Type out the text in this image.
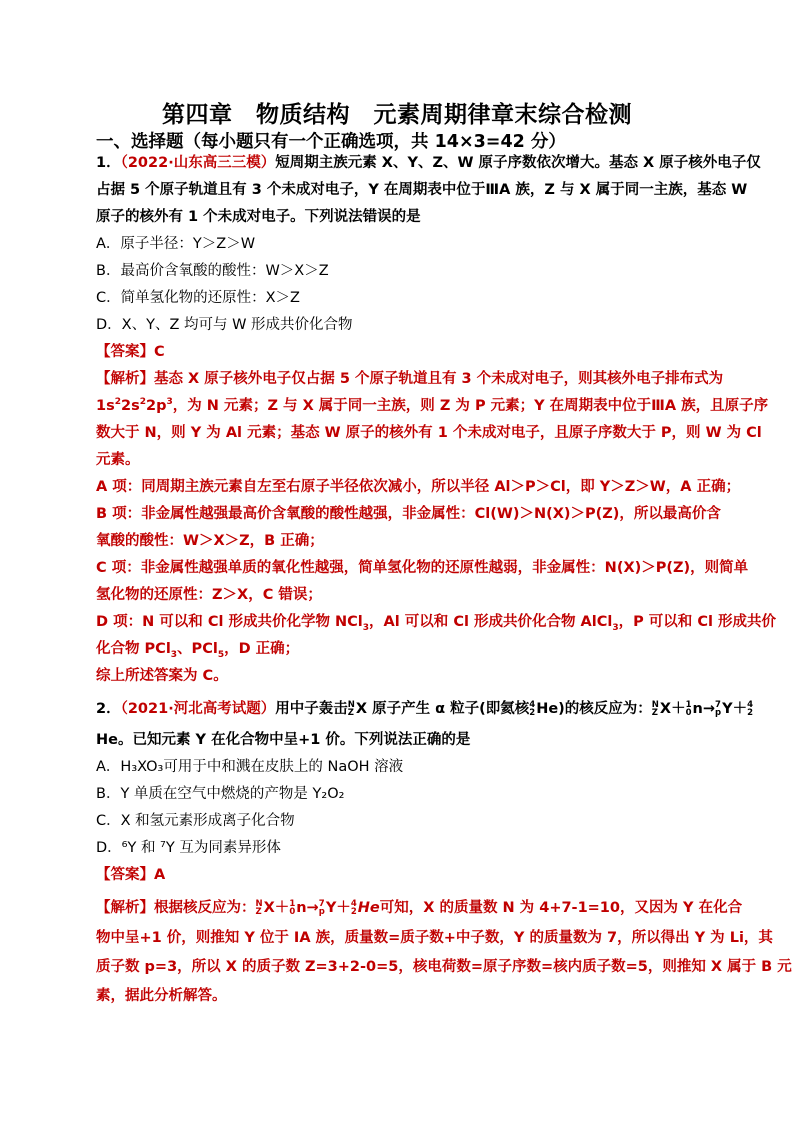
第四章　物质结构　元素周期律章末综合检测
一、选择题（每小题只有一个正确选项，共 14×3=42 分）
1．（2022·山东高三三模）短周期主族元素 X、Y、Z、W 原子序数依次增大。基态 X 原子核外电子仅
占据 5 个原子轨道且有 3 个未成对电子，Y 在周期表中位于ⅢA 族，Z 与 X 属于同一主族，基态 W
原子的核外有 1 个未成对电子。下列说法错误的是
A．原子半径：Y＞Z＞W
B．最高价含氧酸的酸性：W＞X＞Z
C．简单氢化物的还原性：X＞Z
D．X、Y、Z 均可与 W 形成共价化合物
【答案】C
【解析】基态 X 原子核外电子仅占据 5 个原子轨道且有 3 个未成对电子，则其核外电子排布式为
$1s^22s^22p^3$，为 N 元素；Z 与 X 属于同一主族，则 Z 为 P 元素；Y 在周期表中位于ⅢA 族，且原子序
数大于 N，则 Y 为 Al 元素；基态 W 原子的核外有 1 个未成对电子，且原子序数大于 P，则 W 为 Cl
元素。
A 项：同周期主族元素自左至右原子半径依次减小，所以半径 Al＞P＞Cl，即 Y＞Z＞W，A 正确；
B 项：非金属性越强最高价含氧酸的酸性越强，非金属性：Cl(W)＞N(X)＞P(Z)，所以最高价含
氧酸的酸性：W＞X＞Z，B 正确；
C 项：非金属性越强单质的氧化性越强，简单氢化物的还原性越弱，非金属性：N(X)＞P(Z)，则简单
氢化物的还原性：Z＞X，C 错误；
D 项：N 可以和 Cl 形成共价化学物 NCl$_3$，Al 可以和 Cl 形成共价化合物 AlCl$_3$，P 可以和 Cl 形成共价
化合物 PCl$_3$、PCl$_5$，D 正确；
综上所述答案为 C。
2．（2021·河北高考试题）用中子轰击 N
Z X 原子产生 α 粒子(即氦核 4
2 He)的核反应为： N
Z X＋ 1
0 n→ 7
p Y＋ 4
2
He。已知元素 Y 在化合物中呈+1 价。下列说法正确的是
A．H₃XO₃可用于中和溅在皮肤上的 NaOH 溶液
B．Y 单质在空气中燃烧的产物是 Y₂O₂
C．X 和氢元素形成离子化合物
D．⁶Y 和 ⁷Y 互为同素异形体
【答案】A
【解析】根据核反应为： N
Z X＋ 1
0 n→ 7
p Y＋ 4
2 He可知，X 的质量数 N 为 4+7-1=10，又因为 Y 在化合
物中呈+1 价，则推知 Y 位于 IA 族，质量数=质子数+中子数，Y 的质量数为 7，所以得出 Y 为 Li，其
质子数 p=3，所以 X 的质子数 Z=3+2-0=5，核电荷数=原子序数=核内质子数=5，则推知 X 属于 B 元
素，据此分析解答。
